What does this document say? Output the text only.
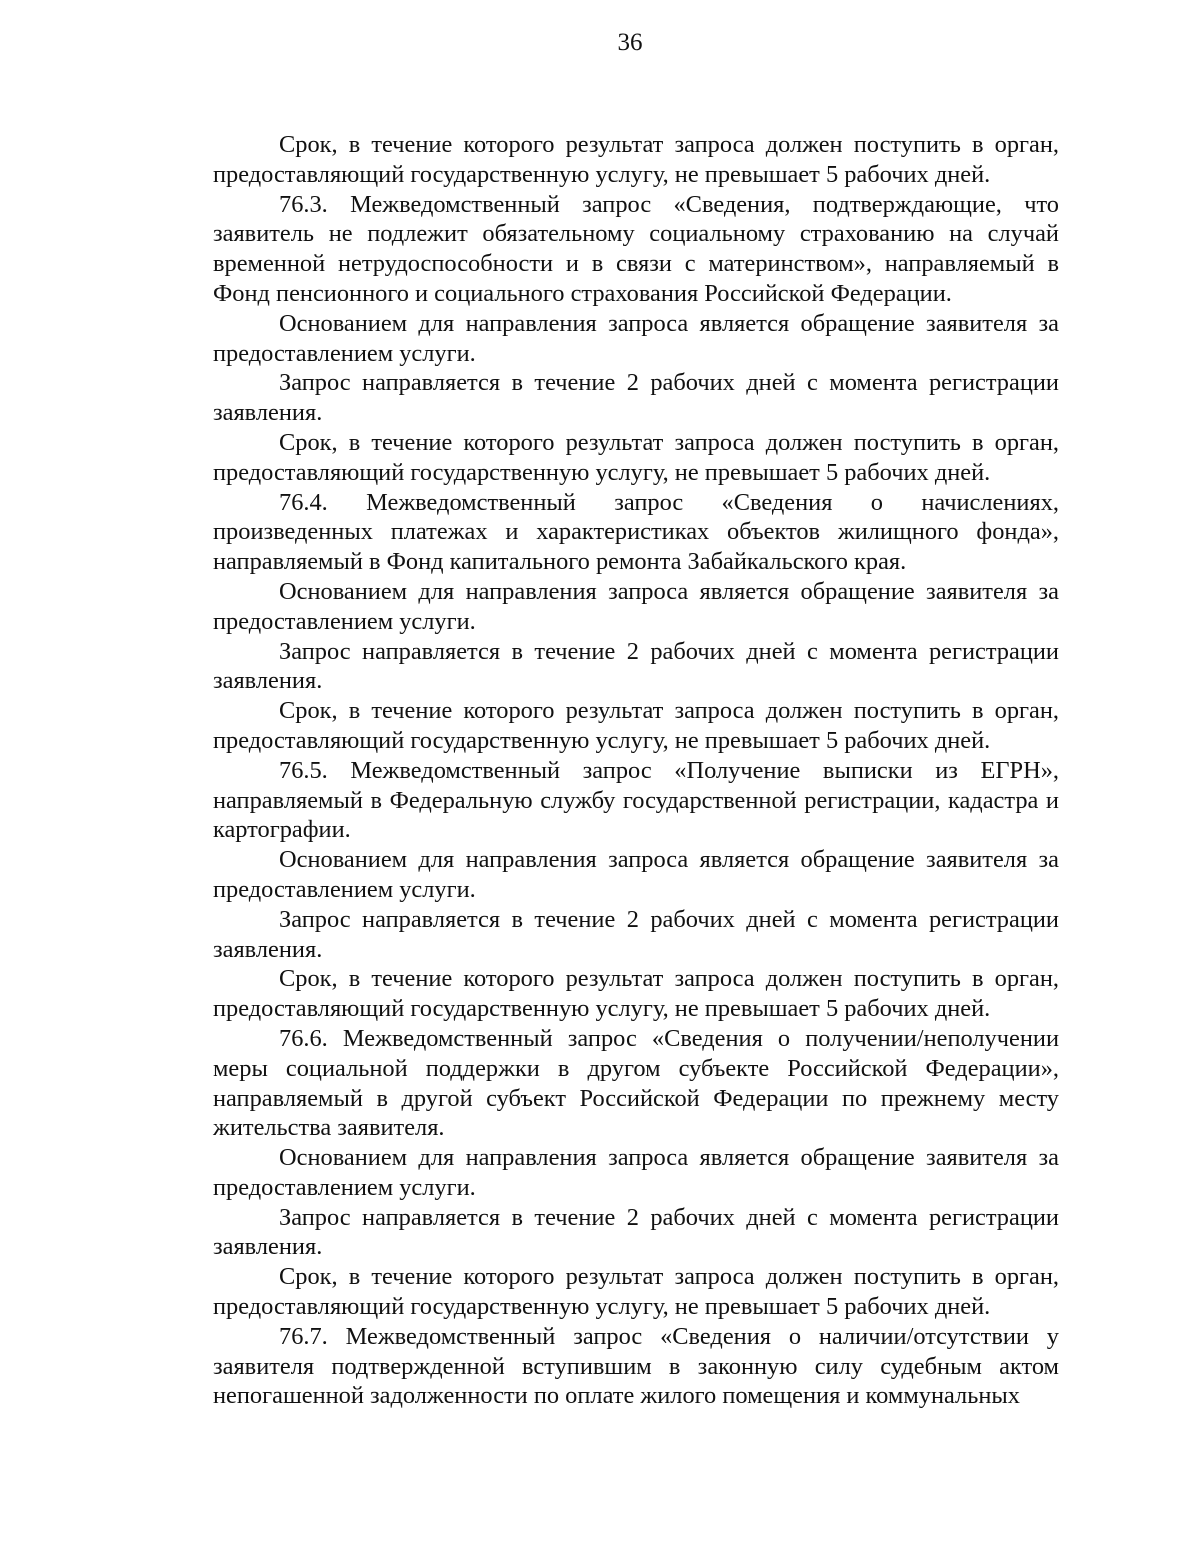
36

Срок, в течение которого результат запроса должен поступить в орган, предоставляющий государственную услугу, не превышает 5 рабочих дней.

76.3. Межведомственный запрос «Сведения, подтверждающие, что заявитель не подлежит обязательному социальному страхованию на случай временной нетрудоспособности и в связи с материнством», направляемый в Фонд пенсионного и социального страхования Российской Федерации.

Основанием для направления запроса является обращение заявителя за предоставлением услуги.

Запрос направляется в течение 2 рабочих дней с момента регистрации заявления.

Срок, в течение которого результат запроса должен поступить в орган, предоставляющий государственную услугу, не превышает 5 рабочих дней.

76.4. Межведомственный запрос «Сведения о начислениях, произведенных платежах и характеристиках объектов жилищного фонда», направляемый в Фонд капитального ремонта Забайкальского края.

Основанием для направления запроса является обращение заявителя за предоставлением услуги.

Запрос направляется в течение 2 рабочих дней с момента регистрации заявления.

Срок, в течение которого результат запроса должен поступить в орган, предоставляющий государственную услугу, не превышает 5 рабочих дней.

76.5. Межведомственный запрос «Получение выписки из ЕГРН», направляемый в Федеральную службу государственной регистрации, кадастра и картографии.

Основанием для направления запроса является обращение заявителя за предоставлением услуги.

Запрос направляется в течение 2 рабочих дней с момента регистрации заявления.

Срок, в течение которого результат запроса должен поступить в орган, предоставляющий государственную услугу, не превышает 5 рабочих дней.

76.6. Межведомственный запрос «Сведения о получении/неполучении меры социальной поддержки в другом субъекте Российской Федерации», направляемый в другой субъект Российской Федерации по прежнему месту жительства заявителя.

Основанием для направления запроса является обращение заявителя за предоставлением услуги.

Запрос направляется в течение 2 рабочих дней с момента регистрации заявления.

Срок, в течение которого результат запроса должен поступить в орган, предоставляющий государственную услугу, не превышает 5 рабочих дней.

76.7. Межведомственный запрос «Сведения о наличии/отсутствии у заявителя подтвержденной вступившим в законную силу судебным актом непогашенной задолженности по оплате жилого помещения и коммунальных
